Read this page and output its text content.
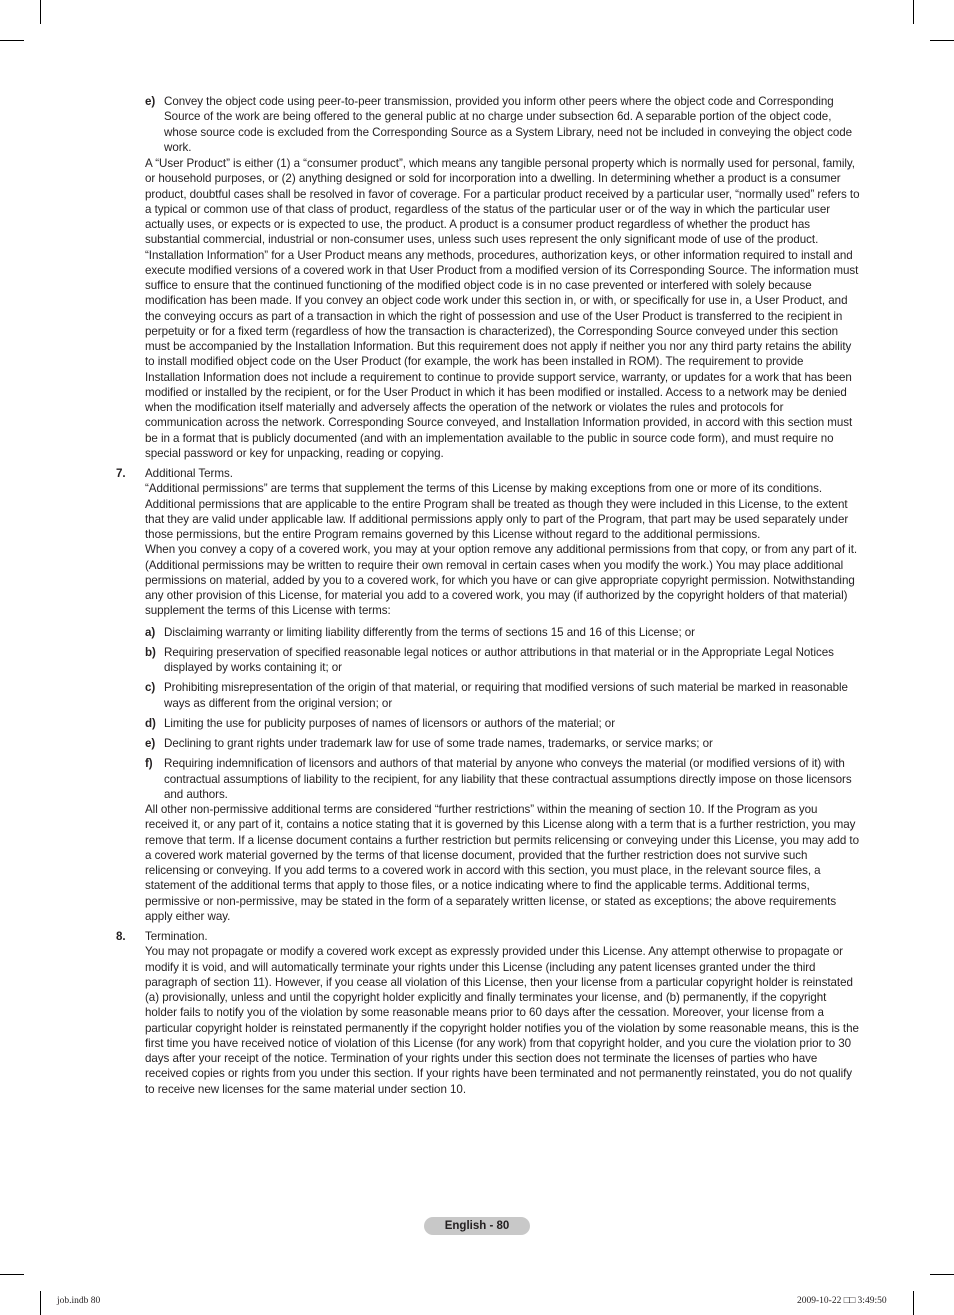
e) Convey the object code using peer-to-peer transmission, provided you inform other peers where the object code and Corresponding Source of the work are being offered to the general public at no charge under subsection 6d. A separable portion of the object code, whose source code is excluded from the Corresponding Source as a System Library, need not be included in conveying the object code work.
A “User Product” is either (1) a “consumer product”, which means any tangible personal property which is normally used for personal, family, or household purposes, or (2) anything designed or sold for incorporation into a dwelling. In determining whether a product is a consumer product, doubtful cases shall be resolved in favor of coverage. For a particular product received by a particular user, “normally used” refers to a typical or common use of that class of product, regardless of the status of the particular user or of the way in which the particular user actually uses, or expects or is expected to use, the product. A product is a consumer product regardless of whether the product has substantial commercial, industrial or non-consumer uses, unless such uses represent the only significant mode of use of the product. “Installation Information” for a User Product means any methods, procedures, authorization keys, or other information required to install and execute modified versions of a covered work in that User Product from a modified version of its Corresponding Source. The information must suffice to ensure that the continued functioning of the modified object code is in no case prevented or interfered with solely because modification has been made. If you convey an object code work under this section in, or with, or specifically for use in, a User Product, and the conveying occurs as part of a transaction in which the right of possession and use of the User Product is transferred to the recipient in perpetuity or for a fixed term (regardless of how the transaction is characterized), the Corresponding Source conveyed under this section must be accompanied by the Installation Information. But this requirement does not apply if neither you nor any third party retains the ability to install modified object code on the User Product (for example, the work has been installed in ROM). The requirement to provide Installation Information does not include a requirement to continue to provide support service, warranty, or updates for a work that has been modified or installed by the recipient, or for the User Product in which it has been modified or installed. Access to a network may be denied when the modification itself materially and adversely affects the operation of the network or violates the rules and protocols for communication across the network. Corresponding Source conveyed, and Installation Information provided, in accord with this section must be in a format that is publicly documented (and with an implementation available to the public in source code form), and must require no special password or key for unpacking, reading or copying.
7.	Additional Terms.
“Additional permissions” are terms that supplement the terms of this License by making exceptions from one or more of its conditions. Additional permissions that are applicable to the entire Program shall be treated as though they were included in this License, to the extent that they are valid under applicable law. If additional permissions apply only to part of the Program, that part may be used separately under those permissions, but the entire Program remains governed by this License without regard to the additional permissions.
When you convey a copy of a covered work, you may at your option remove any additional permissions from that copy, or from any part of it. (Additional permissions may be written to require their own removal in certain cases when you modify the work.) You may place additional permissions on material, added by you to a covered work, for which you have or can give appropriate copyright permission. Notwithstanding any other provision of this License, for material you add to a covered work, you may (if authorized by the copyright holders of that material) supplement the terms of this License with terms:
a) Disclaiming warranty or limiting liability differently from the terms of sections 15 and 16 of this License; or
b) Requiring preservation of specified reasonable legal notices or author attributions in that material or in the Appropriate Legal Notices displayed by works containing it; or
c) Prohibiting misrepresentation of the origin of that material, or requiring that modified versions of such material be marked in reasonable ways as different from the original version; or
d) Limiting the use for publicity purposes of names of licensors or authors of the material; or
e) Declining to grant rights under trademark law for use of some trade names, trademarks, or service marks; or
f) Requiring indemnification of licensors and authors of that material by anyone who conveys the material (or modified versions of it) with contractual assumptions of liability to the recipient, for any liability that these contractual assumptions directly impose on those licensors and authors.
All other non-permissive additional terms are considered “further restrictions” within the meaning of section 10. If the Program as you received it, or any part of it, contains a notice stating that it is governed by this License along with a term that is a further restriction, you may remove that term. If a license document contains a further restriction but permits relicensing or conveying under this License, you may add to a covered work material governed by the terms of that license document, provided that the further restriction does not survive such relicensing or conveying. If you add terms to a covered work in accord with this section, you must place, in the relevant source files, a statement of the additional terms that apply to those files, or a notice indicating where to find the applicable terms. Additional terms, permissive or non-permissive, may be stated in the form of a separately written license, or stated as exceptions; the above requirements apply either way.
8.	Termination.
You may not propagate or modify a covered work except as expressly provided under this License. Any attempt otherwise to propagate or modify it is void, and will automatically terminate your rights under this License (including any patent licenses granted under the third paragraph of section 11). However, if you cease all violation of this License, then your license from a particular copyright holder is reinstated (a) provisionally, unless and until the copyright holder explicitly and finally terminates your license, and (b) permanently, if the copyright holder fails to notify you of the violation by some reasonable means prior to 60 days after the cessation. Moreover, your license from a particular copyright holder is reinstated permanently if the copyright holder notifies you of the violation by some reasonable means, this is the first time you have received notice of violation of this License (for any work) from that copyright holder, and you cure the violation prior to 30 days after your receipt of the notice. Termination of your rights under this section does not terminate the licenses of parties who have received copies or rights from you under this section. If your rights have been terminated and not permanently reinstated, you do not qualify to receive new licenses for the same material under section 10.
English - 80
job.indb 80	2009-10-22 □□ 3:49:50
